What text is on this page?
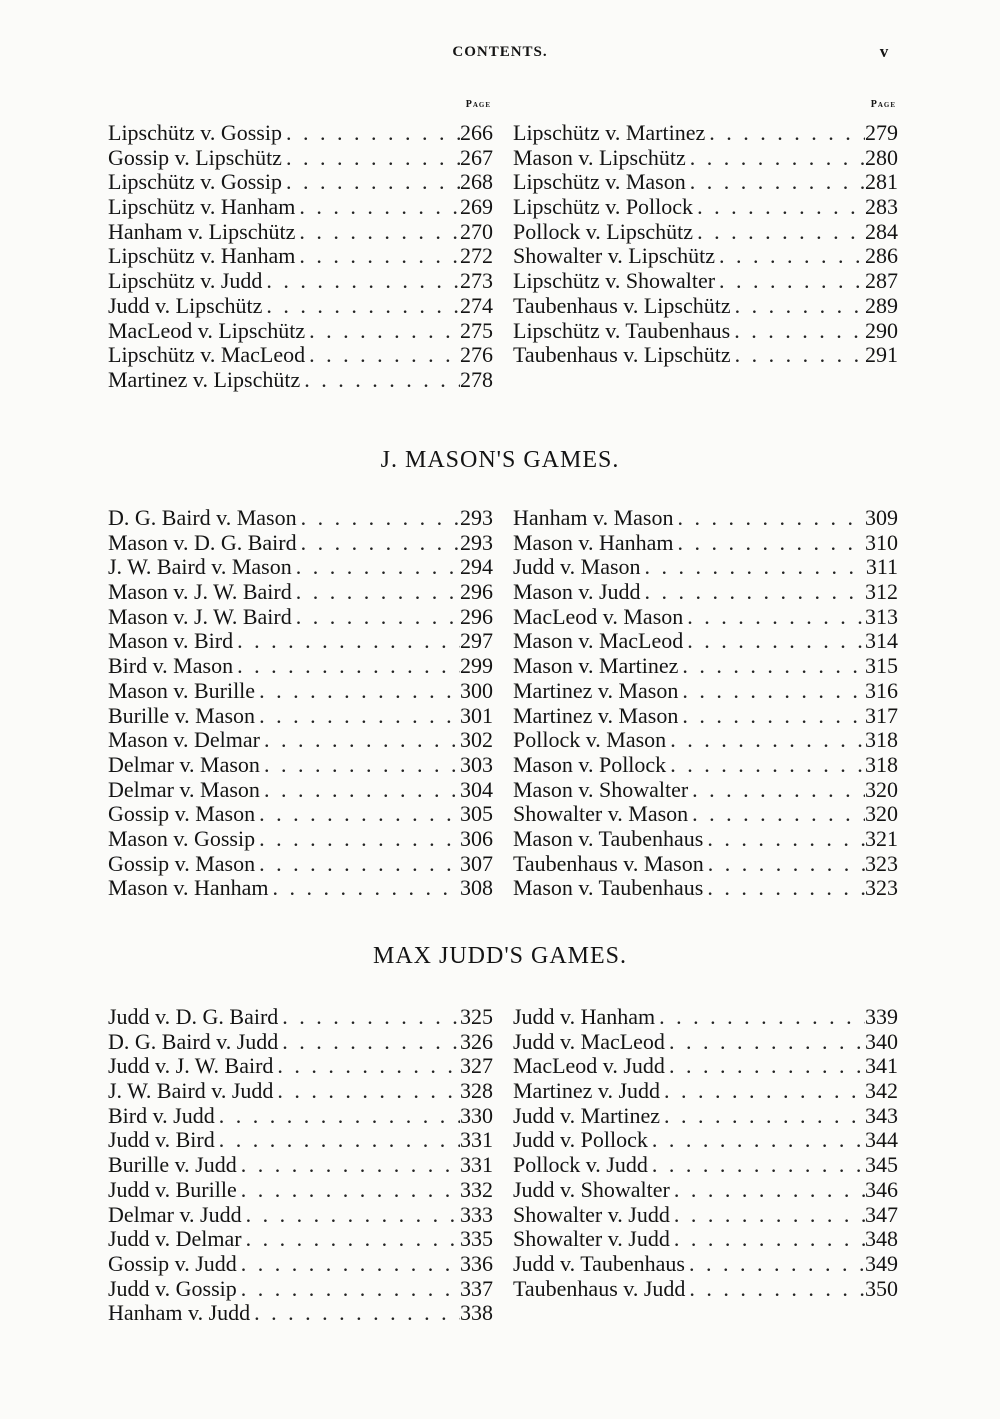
CONTENTS.	v
Page
Lipschütz v. Gossip . . .	266
Gossip v. Lipschütz . . .	267
Lipschütz v. Gossip . . .	268
Lipschütz v. Hanham . . .	269
Hanham v. Lipschütz . . .	270
Lipschütz v. Hanham . . .	272
Lipschütz v. Judd . . .	273
Judd v. Lipschütz . . .	274
MacLeod v. Lipschütz . . .	275
Lipschütz v. MacLeod . . .	276
Martinez v. Lipschütz . . .	278
Page
Lipschütz v. Martinez . . .	279
Mason v. Lipschütz . . .	280
Lipschütz v. Mason . . .	281
Lipschütz v. Pollock . . .	283
Pollock v. Lipschütz . . .	284
Showalter v. Lipschütz . . .	286
Lipschütz v. Showalter . . .	287
Taubenhaus v. Lipschütz . . .	289
Lipschütz v. Taubenhaus . . .	290
Taubenhaus v. Lipschütz . . .	291
J. MASON'S GAMES.
D. G. Baird v. Mason . . .	293
Mason v. D. G. Baird . . .	293
J. W. Baird v. Mason . . .	294
Mason v. J. W. Baird . . .	296
Mason v. J. W. Baird . . .	296
Mason v. Bird . . .	297
Bird v. Mason . . .	299
Mason v. Burille . . .	300
Burille v. Mason . . .	301
Mason v. Delmar . . .	302
Delmar v. Mason . . .	303
Delmar v. Mason . . .	304
Gossip v. Mason . . .	305
Mason v. Gossip . . .	306
Gossip v. Mason . . .	307
Mason v. Hanham . . .	308
Hanham v. Mason . . .	309
Mason v. Hanham . . .	310
Judd v. Mason . . .	311
Mason v. Judd . . .	312
MacLeod v. Mason . . .	313
Mason v. MacLeod . . .	314
Mason v. Martinez . . .	315
Martinez v. Mason . . .	316
Martinez v. Mason . . .	317
Pollock v. Mason . . .	318
Mason v. Pollock . . .	318
Mason v. Showalter . . .	320
Showalter v. Mason . . .	320
Mason v. Taubenhaus . . .	321
Taubenhaus v. Mason . . .	323
Mason v. Taubenhaus . . .	323
MAX JUDD'S GAMES.
Judd v. D. G. Baird . . .	325
D. G. Baird v. Judd . . .	326
Judd v. J. W. Baird . . .	327
J. W. Baird v. Judd . . .	328
Bird v. Judd . . .	330
Judd v. Bird . . .	331
Burille v. Judd . . .	331
Judd v. Burille . . .	332
Delmar v. Judd . . .	333
Judd v. Delmar . . .	335
Gossip v. Judd . . .	336
Judd v. Gossip . . .	337
Hanham v. Judd . . .	338
Judd v. Hanham . . .	339
Judd v. MacLeod . . .	340
MacLeod v. Judd . . .	341
Martinez v. Judd . . .	342
Judd v. Martinez . . .	343
Judd v. Pollock . . .	344
Pollock v. Judd . . .	345
Judd v. Showalter . . .	346
Showalter v. Judd . . .	347
Showalter v. Judd . . .	348
Judd v. Taubenhaus . . .	349
Taubenhaus v. Judd . . .	350
